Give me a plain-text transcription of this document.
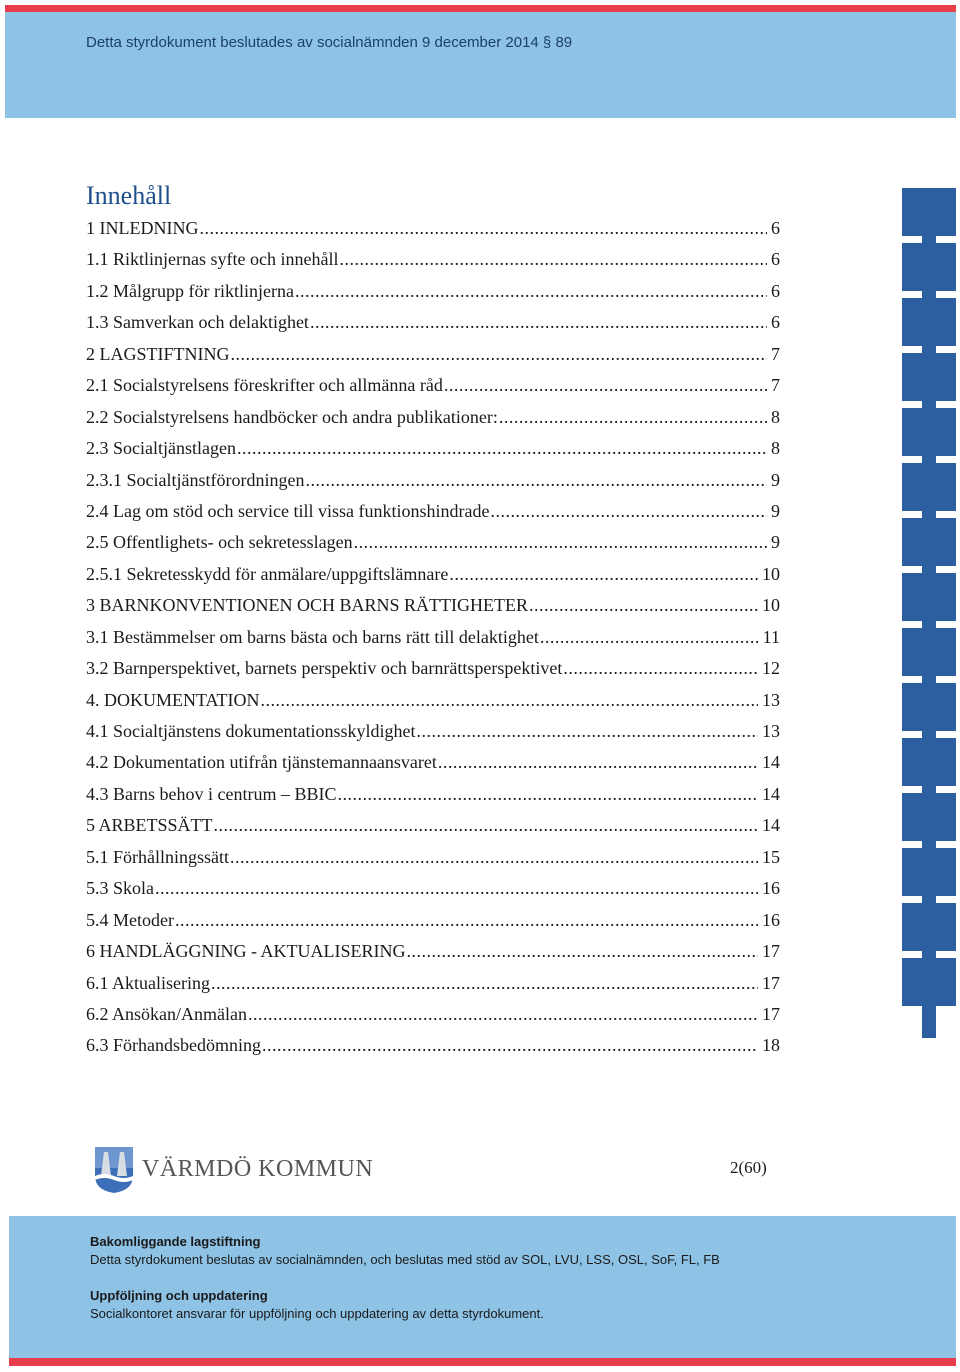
Detta styrdokument beslutades av socialnämnden 9 december 2014 § 89
Innehåll
1 INLEDNING .....	6
1.1 Riktlinjernas syfte och innehåll .....	6
1.2 Målgrupp för riktlinjerna .....	6
1.3 Samverkan och delaktighet .....	6
2 LAGSTIFTNING .....	7
2.1 Socialstyrelsens föreskrifter och allmänna råd .....	7
2.2 Socialstyrelsens handböcker och andra publikationer: .....	8
2.3 Socialtjänstlagen .....	8
2.3.1 Socialtjänstförordningen .....	9
2.4 Lag om stöd och service till vissa funktionshindrade .....	9
2.5 Offentlighets- och sekretesslagen .....	9
2.5.1 Sekretesskydd för anmälare/uppgiftslämnare .....	10
3 BARNKONVENTIONEN OCH BARNS RÄTTIGHETER .....	10
3.1 Bestämmelser om barns bästa och barns rätt till delaktighet .....	11
3.2 Barnperspektivet, barnets perspektiv och barnrättsperspektivet .....	12
4. DOKUMENTATION .....	13
4.1 Socialtjänstens dokumentationsskyldighet .....	13
4.2 Dokumentation utifrån tjänstemannaansvaret .....	14
4.3 Barns behov i centrum – BBIC .....	14
5 ARBETSSÄTT .....	14
5.1 Förhållningssätt .....	15
5.3 Skola .....	16
5.4 Metoder .....	16
6 HANDLÄGGNING - AKTUALISERING .....	17
6.1 Aktualisering .....	17
6.2 Ansökan/Anmälan .....	17
6.3 Förhandsbedömning .....	18
VÄRMDÖ KOMMUN	2(60)
Bakomliggande lagstiftning
Detta styrdokument beslutas av socialnämnden, och beslutas med stöd av SOL, LVU, LSS, OSL, SoF, FL, FB
Uppföljning och uppdatering
Socialkontoret ansvarar för uppföljning och uppdatering av detta styrdokument.
